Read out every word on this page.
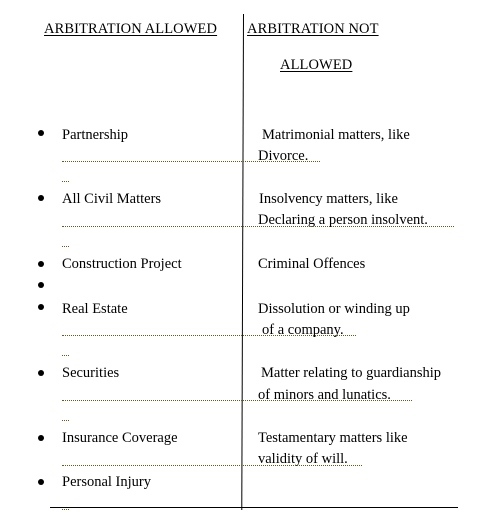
ARBITRATION ALLOWED ARBITRATION NOT
ALLOWED
Partnership
All Civil Matters
Construction Project
Real Estate
Securities
Insurance Coverage
Personal Injury
Matrimonial matters, like
Divorce.
Insolvency matters, like
Declaring a person insolvent.
Criminal Offences
Dissolution or winding up
of a company.
Matter relating to guardianship
of minors and lunatics.
Testamentary matters like
validity of will.
